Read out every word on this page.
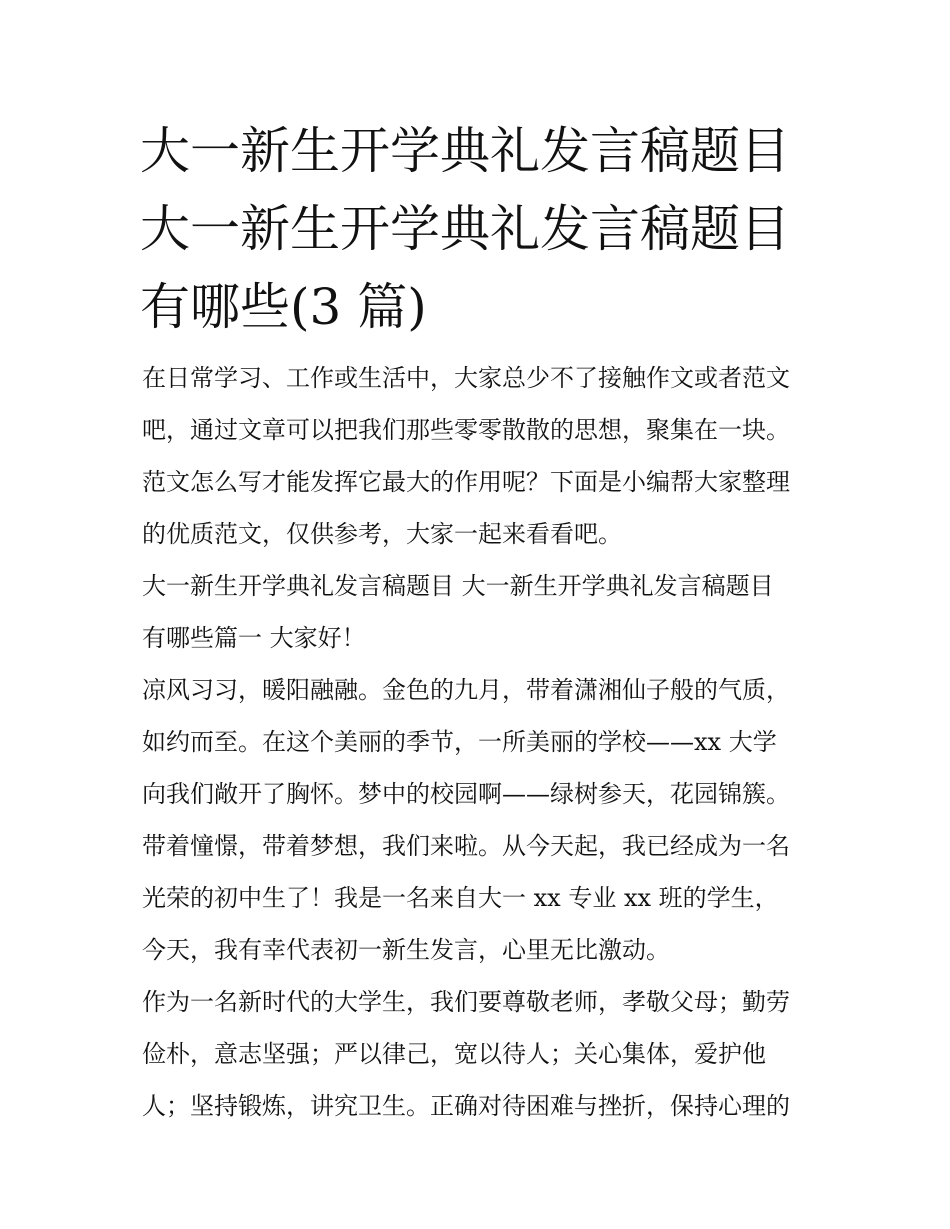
大一新生开学典礼发言稿题目
大一新生开学典礼发言稿题目
有哪些(3 篇)
在日常学习、工作或生活中，大家总少不了接触作文或者范文
吧，通过文章可以把我们那些零零散散的思想，聚集在一块。
范文怎么写才能发挥它最大的作用呢？下面是小编帮大家整理
的优质范文，仅供参考，大家一起来看看吧。
大一新生开学典礼发言稿题目 大一新生开学典礼发言稿题目
有哪些篇一 大家好！
凉风习习，暖阳融融。金色的九月，带着潇湘仙子般的气质，
如约而至。在这个美丽的季节，一所美丽的学校——xx 大学
向我们敞开了胸怀。梦中的校园啊——绿树参天，花园锦簇。
带着憧憬，带着梦想，我们来啦。从今天起，我已经成为一名
光荣的初中生了！我是一名来自大一 xx 专业 xx 班的学生，
今天，我有幸代表初一新生发言，心里无比激动。
作为一名新时代的大学生，我们要尊敬老师，孝敬父母；勤劳
俭朴，意志坚强；严以律己，宽以待人；关心集体，爱护他
人；坚持锻炼，讲究卫生。正确对待困难与挫折，保持心理的
